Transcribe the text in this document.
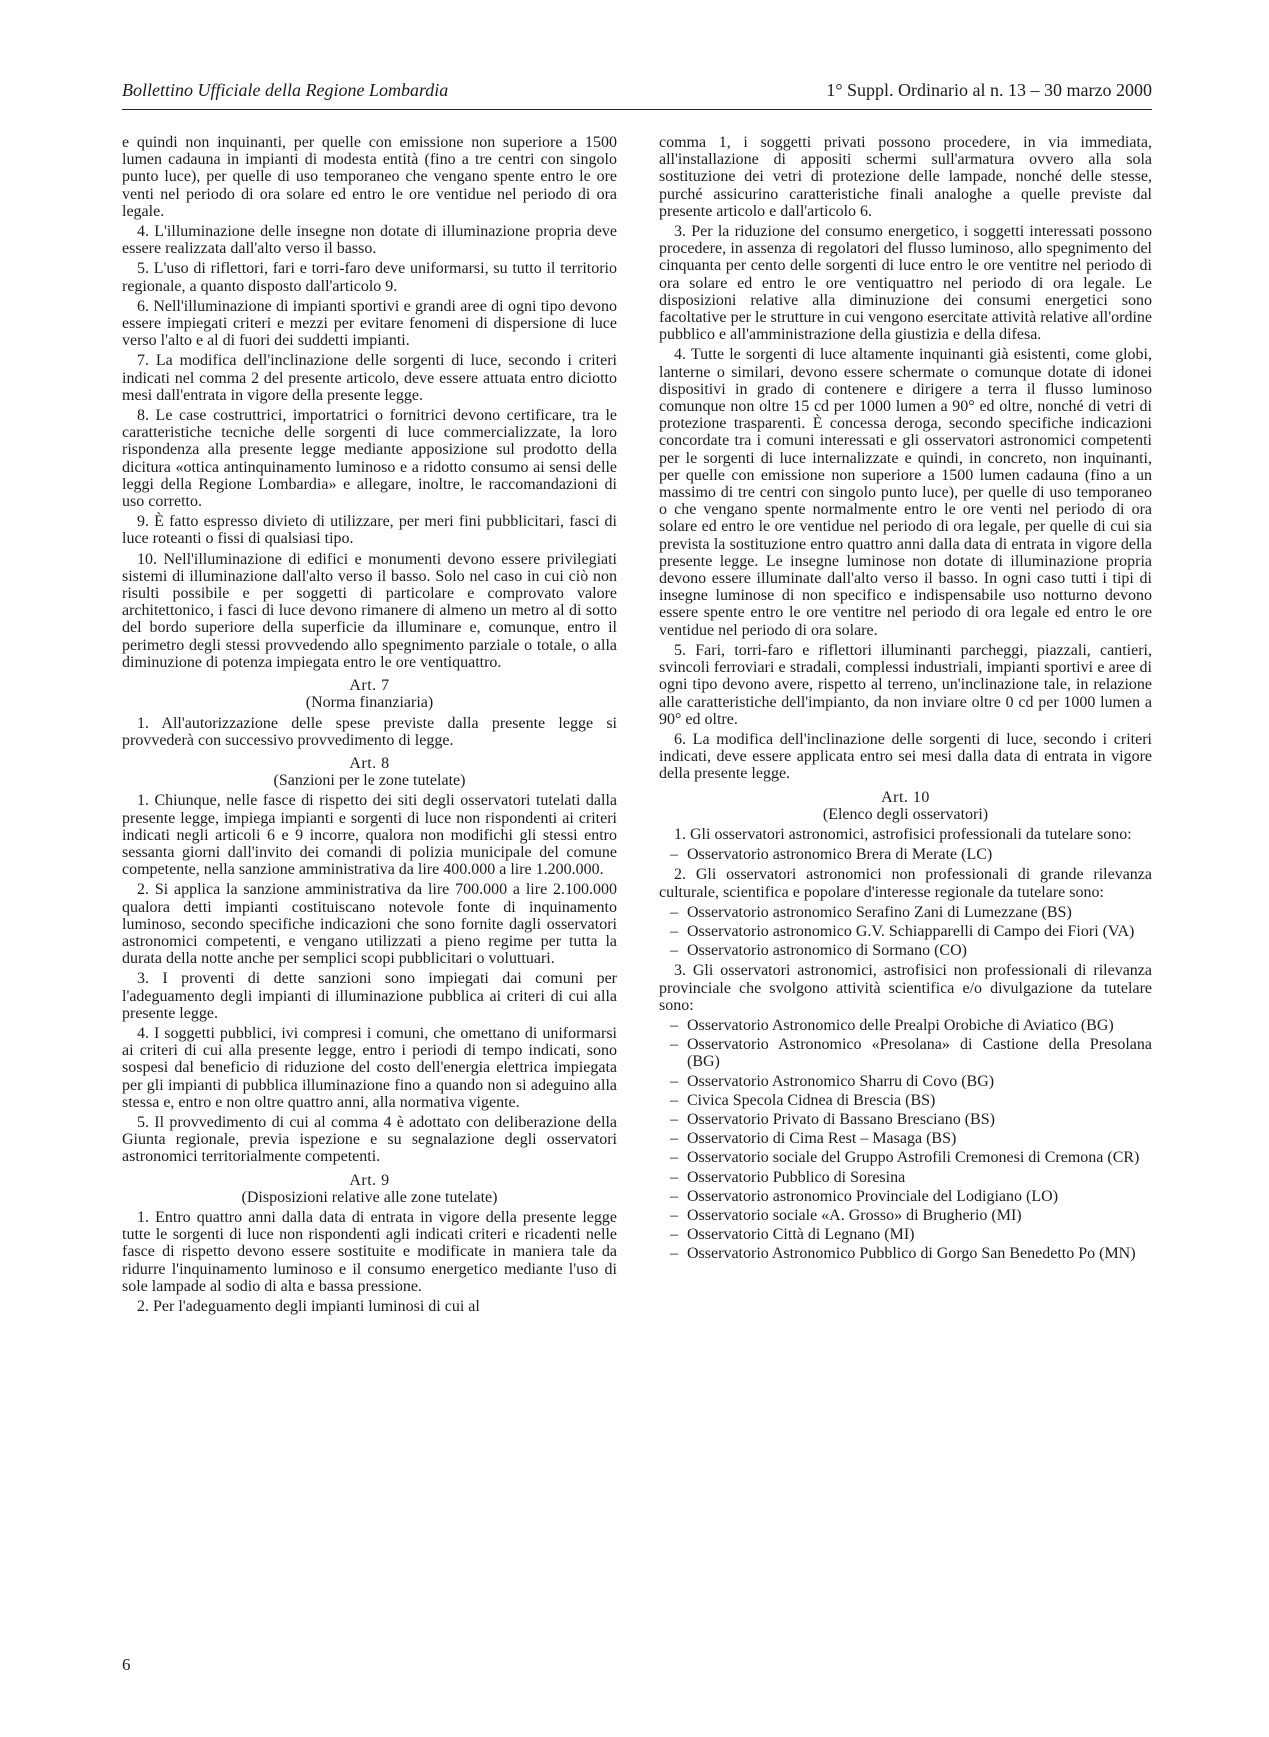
Bollettino Ufficiale della Regione Lombardia	1° Suppl. Ordinario al n. 13 – 30 marzo 2000

e quindi non inquinanti, per quelle con emissione non superiore a 1500 lumen cadauna in impianti di modesta entità (fino a tre centri con singolo punto luce), per quelle di uso temporaneo che vengano spente entro le ore venti nel periodo di ora solare ed entro le ore ventidue nel periodo di ora legale.

4. L'illuminazione delle insegne non dotate di illuminazione propria deve essere realizzata dall'alto verso il basso.

5. L'uso di riflettori, fari e torri-faro deve uniformarsi, su tutto il territorio regionale, a quanto disposto dall'articolo 9.

6. Nell'illuminazione di impianti sportivi e grandi aree di ogni tipo devono essere impiegati criteri e mezzi per evitare fenomeni di dispersione di luce verso l'alto e al di fuori dei suddetti impianti.

7. La modifica dell'inclinazione delle sorgenti di luce, secondo i criteri indicati nel comma 2 del presente articolo, deve essere attuata entro diciotto mesi dall'entrata in vigore della presente legge.

8. Le case costruttrici, importatrici o fornitrici devono certificare, tra le caratteristiche tecniche delle sorgenti di luce commercializzate, la loro rispondenza alla presente legge mediante apposizione sul prodotto della dicitura «ottica antinquinamento luminoso e a ridotto consumo ai sensi delle leggi della Regione Lombardia» e allegare, inoltre, le raccomandazioni di uso corretto.

9. È fatto espresso divieto di utilizzare, per meri fini pubblicitari, fasci di luce roteanti o fissi di qualsiasi tipo.

10. Nell'illuminazione di edifici e monumenti devono essere privilegiati sistemi di illuminazione dall'alto verso il basso. Solo nel caso in cui ciò non risulti possibile e per soggetti di particolare e comprovato valore architettonico, i fasci di luce devono rimanere di almeno un metro al di sotto del bordo superiore della superficie da illuminare e, comunque, entro il perimetro degli stessi provvedendo allo spegnimento parziale o totale, o alla diminuzione di potenza impiegata entro le ore ventiquattro.

Art. 7
(Norma finanziaria)

1. All'autorizzazione delle spese previste dalla presente legge si provvederà con successivo provvedimento di legge.

Art. 8
(Sanzioni per le zone tutelate)

1. Chiunque, nelle fasce di rispetto dei siti degli osservatori tutelati dalla presente legge, impiega impianti e sorgenti di luce non rispondenti ai criteri indicati negli articoli 6 e 9 incorre, qualora non modifichi gli stessi entro sessanta giorni dall'invito dei comandi di polizia municipale del comune competente, nella sanzione amministrativa da lire 400.000 a lire 1.200.000.

2. Si applica la sanzione amministrativa da lire 700.000 a lire 2.100.000 qualora detti impianti costituiscano notevole fonte di inquinamento luminoso, secondo specifiche indicazioni che sono fornite dagli osservatori astronomici competenti, e vengano utilizzati a pieno regime per tutta la durata della notte anche per semplici scopi pubblicitari o voluttuari.

3. I proventi di dette sanzioni sono impiegati dai comuni per l'adeguamento degli impianti di illuminazione pubblica ai criteri di cui alla presente legge.

4. I soggetti pubblici, ivi compresi i comuni, che omettano di uniformarsi ai criteri di cui alla presente legge, entro i periodi di tempo indicati, sono sospesi dal beneficio di riduzione del costo dell'energia elettrica impiegata per gli impianti di pubblica illuminazione fino a quando non si adeguino alla stessa e, entro e non oltre quattro anni, alla normativa vigente.

5. Il provvedimento di cui al comma 4 è adottato con deliberazione della Giunta regionale, previa ispezione e su segnalazione degli osservatori astronomici territorialmente competenti.

Art. 9
(Disposizioni relative alle zone tutelate)

1. Entro quattro anni dalla data di entrata in vigore della presente legge tutte le sorgenti di luce non rispondenti agli indicati criteri e ricadenti nelle fasce di rispetto devono essere sostituite e modificate in maniera tale da ridurre l'inquinamento luminoso e il consumo energetico mediante l'uso di sole lampade al sodio di alta e bassa pressione.

2. Per l'adeguamento degli impianti luminosi di cui al

comma 1, i soggetti privati possono procedere, in via immediata, all'installazione di appositi schermi sull'armatura ovvero alla sola sostituzione dei vetri di protezione delle lampade, nonché delle stesse, purché assicurino caratteristiche finali analoghe a quelle previste dal presente articolo e dall'articolo 6.

3. Per la riduzione del consumo energetico, i soggetti interessati possono procedere, in assenza di regolatori del flusso luminoso, allo spegnimento del cinquanta per cento delle sorgenti di luce entro le ore ventitre nel periodo di ora solare ed entro le ore ventiquattro nel periodo di ora legale. Le disposizioni relative alla diminuzione dei consumi energetici sono facoltative per le strutture in cui vengono esercitate attività relative all'ordine pubblico e all'amministrazione della giustizia e della difesa.

4. Tutte le sorgenti di luce altamente inquinanti già esistenti, come globi, lanterne o similari, devono essere schermate o comunque dotate di idonei dispositivi in grado di contenere e dirigere a terra il flusso luminoso comunque non oltre 15 cd per 1000 lumen a 90° ed oltre, nonché di vetri di protezione trasparenti. È concessa deroga, secondo specifiche indicazioni concordate tra i comuni interessati e gli osservatori astronomici competenti per le sorgenti di luce internalizzate e quindi, in concreto, non inquinanti, per quelle con emissione non superiore a 1500 lumen cadauna (fino a un massimo di tre centri con singolo punto luce), per quelle di uso temporaneo o che vengano spente normalmente entro le ore venti nel periodo di ora solare ed entro le ore ventidue nel periodo di ora legale, per quelle di cui sia prevista la sostituzione entro quattro anni dalla data di entrata in vigore della presente legge. Le insegne luminose non dotate di illuminazione propria devono essere illuminate dall'alto verso il basso. In ogni caso tutti i tipi di insegne luminose di non specifico e indispensabile uso notturno devono essere spente entro le ore ventitre nel periodo di ora legale ed entro le ore ventidue nel periodo di ora solare.

5. Fari, torri-faro e riflettori illuminanti parcheggi, piazzali, cantieri, svincoli ferroviari e stradali, complessi industriali, impianti sportivi e aree di ogni tipo devono avere, rispetto al terreno, un'inclinazione tale, in relazione alle caratteristiche dell'impianto, da non inviare oltre 0 cd per 1000 lumen a 90° ed oltre.

6. La modifica dell'inclinazione delle sorgenti di luce, secondo i criteri indicati, deve essere applicata entro sei mesi dalla data di entrata in vigore della presente legge.

Art. 10
(Elenco degli osservatori)

1. Gli osservatori astronomici, astrofisici professionali da tutelare sono:

– Osservatorio astronomico Brera di Merate (LC)

2. Gli osservatori astronomici non professionali di grande rilevanza culturale, scientifica e popolare d'interesse regionale da tutelare sono:

– Osservatorio astronomico Serafino Zani di Lumezzane (BS)
– Osservatorio astronomico G.V. Schiapparelli di Campo dei Fiori (VA)
– Osservatorio astronomico di Sormano (CO)

3. Gli osservatori astronomici, astrofisici non professionali di rilevanza provinciale che svolgono attività scientifica e/o divulgazione da tutelare sono:

– Osservatorio Astronomico delle Prealpi Orobiche di Aviatico (BG)
– Osservatorio Astronomico «Presolana» di Castione della Presolana (BG)
– Osservatorio Astronomico Sharru di Covo (BG)
– Civica Specola Cidnea di Brescia (BS)
– Osservatorio Privato di Bassano Bresciano (BS)
– Osservatorio di Cima Rest – Masaga (BS)
– Osservatorio sociale del Gruppo Astrofili Cremonesi di Cremona (CR)
– Osservatorio Pubblico di Soresina
– Osservatorio astronomico Provinciale del Lodigiano (LO)
– Osservatorio sociale «A. Grosso» di Brugherio (MI)
– Osservatorio Città di Legnano (MI)
– Osservatorio Astronomico Pubblico di Gorgo San Benedetto Po (MN)
6
